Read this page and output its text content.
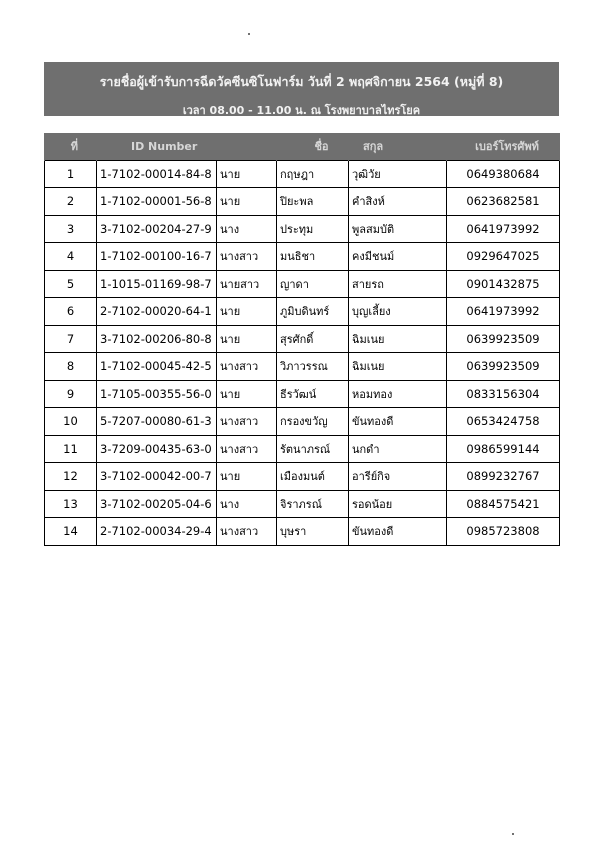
รายชื่อผู้เข้ารับการฉีดวัคซีนซิโนฟาร์ม วันที่ 2 พฤศจิกายน 2564 (หมู่ที่ 8)
เวลา 08.00 - 11.00 น. ณ โรงพยาบาลไทรโยค
ที่	ID Number		ชื่อ	สกุล	เบอร์โทรศัพท์
1	1-7102-00014-84-8	นาย	กฤษฎา	วุฒิวัย	0649380684
2	1-7102-00001-56-8	นาย	ปิยะพล	คำสิงห์	0623682581
3	3-7102-00204-27-9	นาง	ประทุม	พูลสมบัติ	0641973992
4	1-7102-00100-16-7	นางสาว	มนธิชา	คงมีชนม์	0929647025
5	1-1015-01169-98-7	นายสาว	ญาดา	สายรถ	0901432875
6	2-7102-00020-64-1	นาย	ภูมิบดินทร์	บุญเลี้ยง	0641973992
7	3-7102-00206-80-8	นาย	สุรศักดิ์	ฉิมเนย	0639923509
8	1-7102-00045-42-5	นางสาว	วิภาวรรณ	ฉิมเนย	0639923509
9	1-7105-00355-56-0	นาย	ธีรวัฒน์	หอมทอง	0833156304
10	5-7207-00080-61-3	นางสาว	กรองขวัญ	ขันทองดี	0653424758
11	3-7209-00435-63-0	นางสาว	รัตนาภรณ์	นกดำ	0986599144
12	3-7102-00042-00-7	นาย	เมืองมนต์	อารีย์กิจ	0899232767
13	3-7102-00205-04-6	นาง	จิราภรณ์	รอดน้อย	0884575421
14	2-7102-00034-29-4	นางสาว	บุษรา	ขันทองดี	0985723808
